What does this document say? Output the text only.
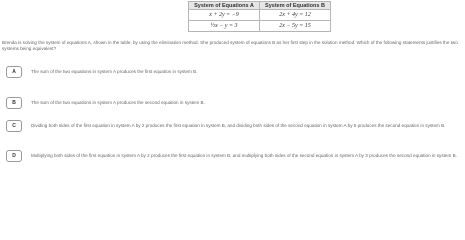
System of Equations A	System of Equations B
x + 2y = −9	2x + 4y = 12
½x − y = 3	2x − 5y = 15

Brenda is solving the system of equations A, shown in the table, by using the elimination method. She produced system of equations B as her first step in the solution method. Which of the following statements justifies the two systems being equivalent?

A	The sum of the two equations in system A produces the first equation in system B.
B	The sum of the two equations in system A produces the second equation in system B.
C	Dividing both sides of the first equation in system A by 2 produces the first equation in system B, and dividing both sides of the second equation in system A by 5 produces the second equation in system B.
D	Multiplying both sides of the first equation in system A by 2 produces the first equation in system B, and multiplying both sides of the second equation in system A by 3 produces the second equation in system B.
